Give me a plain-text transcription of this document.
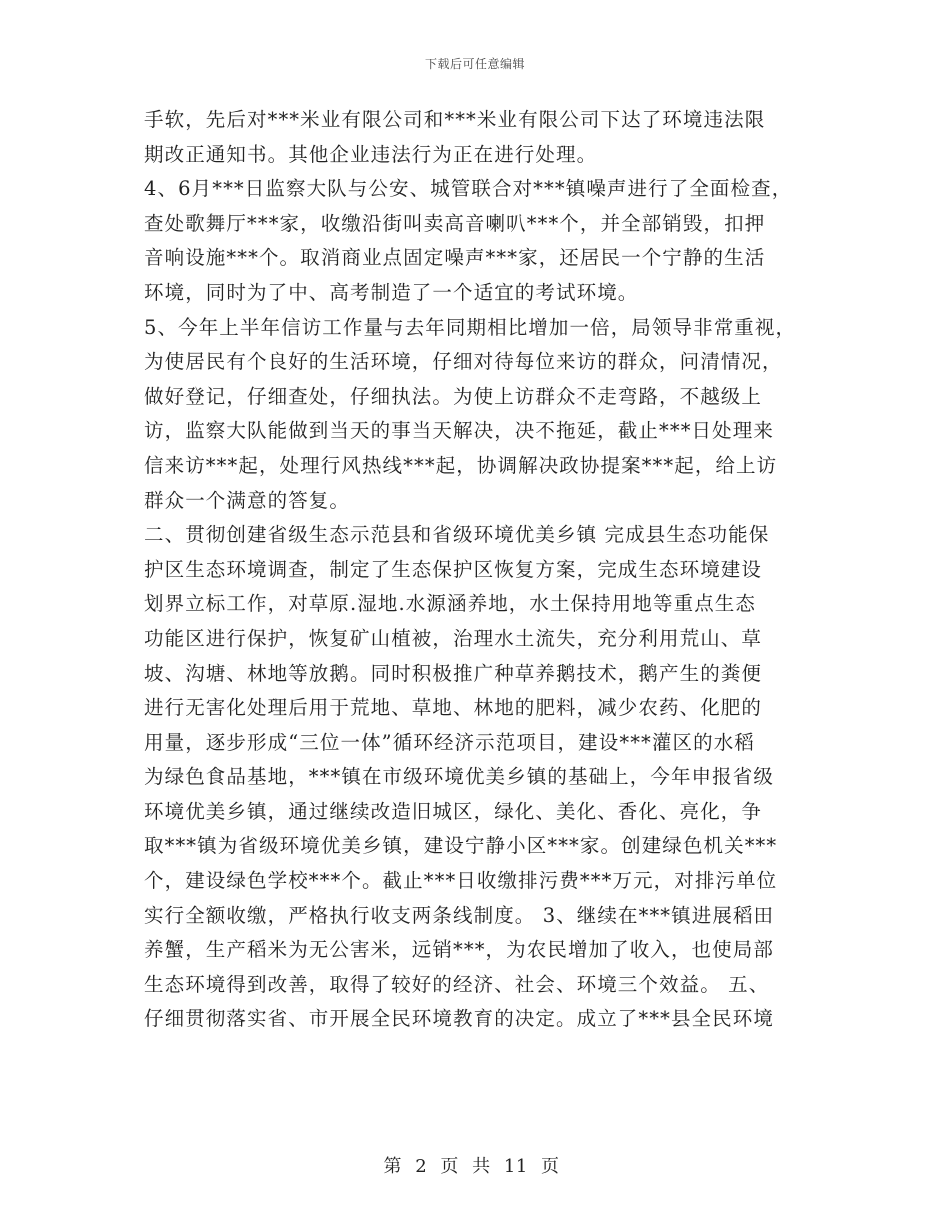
下载后可任意编辑
手软，先后对***米业有限公司和***米业有限公司下达了环境违法限
期改正通知书。其他企业违法行为正在进行处理。
4、6月***日监察大队与公安、城管联合对***镇噪声进行了全面检查，
查处歌舞厅***家，收缴沿街叫卖高音喇叭***个，并全部销毁，扣押
音响设施***个。取消商业点固定噪声***家，还居民一个宁静的生活
环境，同时为了中、高考制造了一个适宜的考试环境。
5、今年上半年信访工作量与去年同期相比增加一倍，局领导非常重视，
为使居民有个良好的生活环境，仔细对待每位来访的群众，问清情况，
做好登记，仔细查处，仔细执法。为使上访群众不走弯路，不越级上
访，监察大队能做到当天的事当天解决，决不拖延，截止***日处理来
信来访***起，处理行风热线***起，协调解决政协提案***起，给上访
群众一个满意的答复。
二、贯彻创建省级生态示范县和省级环境优美乡镇 完成县生态功能保
护区生态环境调查，制定了生态保护区恢复方案，完成生态环境建设
划界立标工作，对草原.湿地.水源涵养地，水土保持用地等重点生态
功能区进行保护，恢复矿山植被，治理水土流失，充分利用荒山、草
坡、沟塘、林地等放鹅。同时积极推广种草养鹅技术，鹅产生的粪便
进行无害化处理后用于荒地、草地、林地的肥料，减少农药、化肥的
用量，逐步形成“三位一体”循环经济示范项目，建设***灌区的水稻
为绿色食品基地，***镇在市级环境优美乡镇的基础上，今年申报省级
环境优美乡镇，通过继续改造旧城区，绿化、美化、香化、亮化，争
取***镇为省级环境优美乡镇，建设宁静小区***家。创建绿色机关***
个，建设绿色学校***个。截止***日收缴排污费***万元，对排污单位
实行全额收缴，严格执行收支两条线制度。 3、继续在***镇进展稻田
养蟹，生产稻米为无公害米，远销***，为农民增加了收入，也使局部
生态环境得到改善，取得了较好的经济、社会、环境三个效益。 五、
仔细贯彻落实省、市开展全民环境教育的决定。成立了***县全民环境
第 2 页 共 11 页
